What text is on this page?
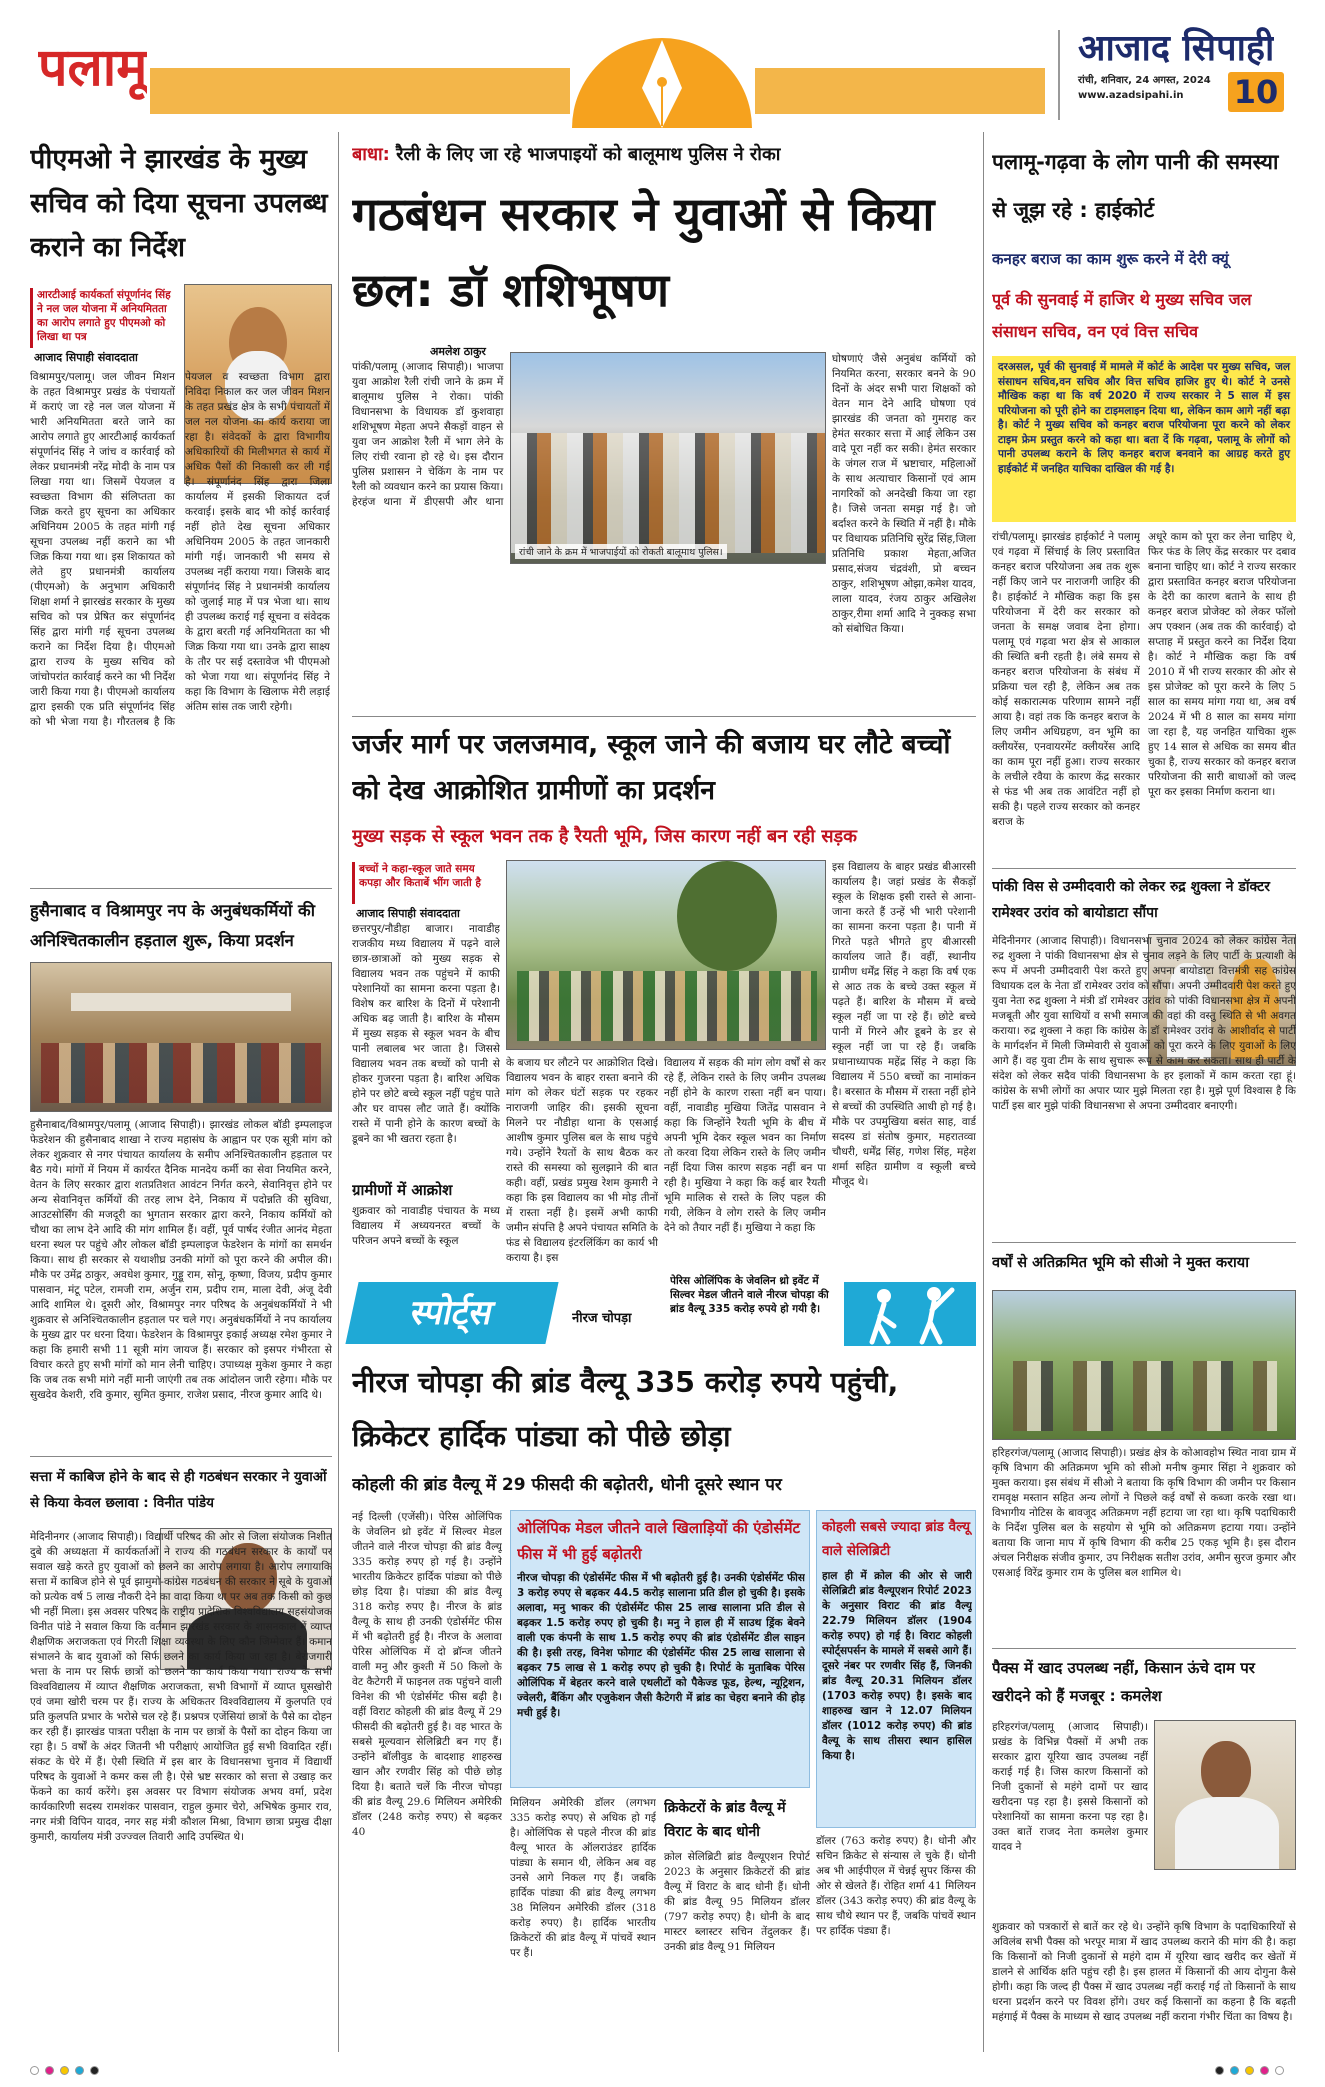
पलामू	आजाद सिपाही
रांची, शनिवार, 24 अगस्त, 2024
www.azadsipahi.in 10
पीएमओ ने झारखंड के मुख्य सचिव को दिया सूचना उपलब्ध कराने का निर्देश
आरटीआई कार्यकर्ता संपूर्णानंद सिंह ने नल जल योजना में अनियमितता का आरोप लगाते हुए पीएमओ को लिखा था पत्र
आजाद सिपाही संवाददाता
विश्रामपुर/पलामू। जल जीवन मिशन के तहत विश्रामपुर प्रखंड के पंचायतों में कराएं जा रहे नल जल योजना में भारी अनियमितता बरते जाने का आरोप लगाते हुए आरटीआई कार्यकर्ता संपूर्णानंद सिंह ने जांच व कार्रवाई को लेकर प्रधानमंत्री नरेंद्र मोदी के नाम पत्र लिखा गया था। जिसमें पेयजल व स्वच्छता विभाग की संलिप्तता का जिक्र करते हुए सूचना का अधिकार अधिनियम 2005 के तहत मांगी गई सूचना उपलब्ध नहीं कराने का भी जिक्र किया गया था। इस शिकायत को लेते हुए प्रधानमंत्री कार्यालय (पीएमओ) के अनुभाग अधिकारी शिक्षा शर्मा ने झारखंड सरकार के मुख्य सचिव को पत्र प्रेषित कर संपूर्णानंद सिंह द्वारा मांगी गई सूचना उपलब्ध कराने का निर्देश दिया है। पीएमओ द्वारा राज्य के मुख्य सचिव को जांचोपरांत कार्रवाई करने का भी निर्देश जारी किया गया है। पीएमओ कार्यालय द्वारा इसकी एक प्रति संपूर्णानंद सिंह को भी भेजा गया है। गौरतलब है कि पेयजल व स्वच्छता विभाग द्वारा निविदा निकाल कर जल जीवन मिशन के तहत प्रखंड क्षेत्र के सभी पंचायतों में जल नल योजना का कार्य कराया जा रहा है। संवेदकों के द्वारा विभागीय अधिकारियों की मिलीभगत से कार्य में अधिक पैसों की निकासी कर ली गई है। संपूर्णानंद सिंह द्वारा जिला कार्यालय में इसकी शिकायत दर्ज करवाई। इसके बाद भी कोई कार्रवाई नहीं होते देख सूचना अधिकार अधिनियम 2005 के तहत जानकारी मांगी गई। जानकारी भी समय से उपलब्ध नहीं कराया गया। जिसके बाद संपूर्णानंद सिंह ने प्रधानमंत्री कार्यालय को जुलाई माह में पत्र भेजा था। साथ ही उपलब्ध कराई गई सूचना व संवेदक के द्वारा बरती गई अनियमितता का भी जिक्र किया गया था। उनके द्वारा साक्ष्य के तौर पर सई दस्तावेज भी पीएमओ को भेजा गया था। संपूर्णानंद सिंह ने कहा कि विभाग के खिलाफ मेरी लड़ाई अंतिम सांस तक जारी रहेगी।
हुसैनाबाद व विश्रामपुर नप के अनुबंधकर्मियों की अनिश्चितकालीन हड़ताल शुरू, किया प्रदर्शन
हुसैनाबाद/विश्रामपुर/पलामू (आजाद सिपाही)। झारखंड लोकल बॉडी इम्पलाइज फेडरेशन की हुसैनाबाद शाखा ने राज्य महासंघ के आह्वान पर एक सूत्री मांग को लेकर शुक्रवार से नगर पंचायत कार्यालय के समीप अनिश्चितकालीन हड़ताल पर बैठ गये। मांगों में नियम में कार्यरत दैनिक मानदेय कर्मी का सेवा नियमित करने, वेतन के लिए सरकार द्वारा शतप्रतिशत आवंटन निर्गत करने, सेवानिवृत्त होने पर अन्य सेवानिवृत्त कर्मियों की तरह लाभ देने, निकाय में पदोन्नति की सुविधा, आउटसोर्सिंग की मजदूरी का भुगतान सरकार द्वारा करने, निकाय कर्मियों को चौथा का लाभ देने आदि की मांग शामिल हैं। वहीं, पूर्व पार्षद रंजीत आनंद मेहता धरना स्थल पर पहुंचे और लोकल बॉडी इम्पलाइज फेडरेशन के मांगों का समर्थन किया। साथ ही सरकार से यथाशीघ्र उनकी मांगों को पूरा करने की अपील की। मौके पर उमेंद्र ठाकुर, अवधेश कुमार, गुड्डू राम, सोनू, कृष्णा, विजय, प्रदीप कुमार पासवान, मंटू पटेल, रामजी राम, अर्जुन राम, प्रदीप राम, माला देवी, अंजू देवी आदि शामिल थे। दूसरी ओर, विश्रामपुर नगर परिषद के अनुबंधकर्मियों ने भी शुक्रवार से अनिश्चितकालीन हड़ताल पर चले गए। अनुबंधकर्मियों ने नप कार्यालय के मुख्य द्वार पर धरना दिया। फेडरेशन के विश्रामपुर इकाई अध्यक्ष रमेश कुमार ने कहा कि हमारी सभी 11 सूत्री मांग जायज हैं। सरकार को इसपर गंभीरता से विचार करते हुए सभी मांगों को मान लेनी चाहिए। उपाध्यक्ष मुकेश कुमार ने कहा कि जब तक सभी मांगे नहीं मानी जाएंगी तब तक आंदोलन जारी रहेगा। मौके पर सुखदेव केशरी, रवि कुमार, सुमित कुमार, राजेश प्रसाद, नीरज कुमार आदि थे।
सत्ता में काबिज होने के बाद से ही गठबंधन सरकार ने युवाओं से किया केवल छलावा : विनीत पांडेय
मेदिनीनगर (आजाद सिपाही)। विद्यार्थी परिषद की ओर से जिला संयोजक निशीत दुबे की अध्यक्षता में कार्यकर्ताओं ने राज्य की गठबंधन सरकार के कार्यों पर सवाल खड़े करते हुए युवाओं को छलने का आरोप लगाया है। आरोप लगायाकि सत्ता में काबिज होने से पूर्व झामुमो-कांग्रेस गठबंधन की सरकार ने सूबे के युवाओं को प्रत्येक वर्ष 5 लाख नौकरी देने का वादा किया था पर अब तक किसी को कुछ भी नहीं मिला। इस अवसर परिषद के राष्ट्रीय प्रादेशिक विश्वविद्यालय सहसंयोजक विनीत पांडे ने सवाल किया कि वर्तमान झारखंड सरकार के शासनकाल में व्याप्त शैक्षणिक अराजकता एवं गिरती शिक्षा व्यवस्था के लिए कौन जिम्मेवार हैं। कमान संभालने के बाद युवाओं को सिर्फ छलने का कार्य किया जा रहा है। बेरोजगारी भत्ता के नाम पर सिर्फ छात्रों को छलने का कार्य किया गया। राज्य के सभी विश्वविद्यालय में व्याप्त शैक्षणिक अराजकता, सभी विभागों में व्याप्त घूसखोरी एवं जमा खोरी चरम पर हैं। राज्य के अधिकतर विश्वविद्यालय में कुलपति एवं प्रति कुलपति प्रभार के भरोसे चल रहे हैं। प्रश्नपत्र एजेंसियां छात्रों के पैसे का दोहन कर रही हैं। झारखंड पात्रता परीक्षा के नाम पर छात्रों के पैसों का दोहन किया जा रहा है। 5 वर्षों के अंदर जितनी भी परीक्षाएं आयोजित हुई सभी विवादित रहीं। संकट के घेरे में हैं। ऐसी स्थिति में इस बार के विधानसभा चुनाव में विद्यार्थी परिषद के युवाओं ने कमर कस ली है। ऐसे भ्रष्ट सरकार को सत्ता से उखाड़ कर फेंकने का कार्य करेंगे। इस अवसर पर विभाग संयोजक अभय वर्मा, प्रदेश कार्यकारिणी सदस्य रामशंकर पासवान, राहुल कुमार चेरो, अभिषेक कुमार राव, नगर मंत्री विपिन यादव, नगर सह मंत्री कौशल मिश्रा, विभाग छात्रा प्रमुख दीक्षा कुमारी, कार्यालय मंत्री उज्ज्वल तिवारी आदि उपस्थित थे।
बाधा: रैली के लिए जा रहे भाजपाइयों को बालूमाथ पुलिस ने रोका
गठबंधन सरकार ने युवाओं से किया छल: डॉ शशिभूषण
अमलेश ठाकुर
पांकी/पलामू (आजाद सिपाही)। भाजपा युवा आक्रोश रैली रांची जाने के क्रम में बालूमाथ पुलिस ने रोका। पांकी विधानसभा के विधायक डॉ कुशवाहा शशिभूषण मेहता अपने सैकड़ों वाहन से युवा जन आक्रोश रैली में भाग लेने के लिए रांची रवाना हो रहे थे। इस दौरान पुलिस प्रशासन ने चेकिंग के नाम पर रैली को व्यवधान करने का प्रयास किया। हेरहंज थाना में डीएसपी और थाना
रांची जाने के क्रम में भाजपाईयों को रोकती बालूमाथ पुलिस।
घोषणाएं जैसे अनुबंध कर्मियों को नियमित करना, सरकार बनने के 90 दिनों के अंदर सभी पारा शिक्षकों को वेतन मान देने आदि घोषणा एवं झारखंड की जनता को गुमराह कर हेमंत सरकार सत्ता में आई लेकिन उस वादे पूरा नहीं कर सकी। हेमंत सरकार के जंगल राज में भ्रष्टाचार, महिलाओं के साथ अत्याचार किसानों एवं आम नागरिकों को अनदेखी किया जा रहा है। जिसे जनता समझ गई है। जो बर्दाश्त करने के स्थिति में नहीं है। मौके पर विधायक प्रतिनिधि सुरेंद्र सिंह,जिला प्रतिनिधि प्रकाश मेहता,अजित प्रसाद,संजय चंद्रवंशी, प्रो बच्चन ठाकुर, शशिभूषण ओझा,कमेश यादव, लाला यादव, रंजय ठाकुर अखिलेश ठाकुर,रीमा शर्मा आदि ने नुक्कड़ सभा को संबोधित किया।
जर्जर मार्ग पर जलजमाव, स्कूल जाने की बजाय घर लौटे बच्चों को देख आक्रोशित ग्रामीणों का प्रदर्शन
मुख्य सड़क से स्कूल भवन तक है रैयती भूमि, जिस कारण नहीं बन रही सड़क
बच्चों ने कहा-स्कूल जाते समय कपड़ा और किताबें भींग जाती है
आजाद सिपाही संवाददाता
छत्तरपुर/नौडीहा बाजार। नावाडीह राजकीय मध्य विद्यालय में पढ़ने वाले छात्र-छात्राओं को मुख्य सड़क से विद्यालय भवन तक पहुंचने में काफी परेशानियों का सामना करना पड़ता है। विशेष कर बारिश के दिनों में परेशानी अधिक बढ़ जाती है। बारिश के मौसम में मुख्य सड़क से स्कूल भवन के बीच पानी लबालब भर जाता है। जिससे विद्यालय भवन तक बच्चों को पानी से होकर गुजरना पड़ता है। बारिश अधिक होने पर छोटे बच्चे स्कूल नहीं पहुंच पाते और घर वापस लौट जाते हैं। क्योंकि रास्ते में पानी होने के कारण बच्चों के डूबने का भी खतरा रहता है।
ग्रामीणों में आक्रोश
शुक्रवार को नावाडीह पंचायत के मध्य विद्यालय में अध्ययनरत बच्चों के परिजन अपने बच्चों के स्कूल
के बजाय घर लौटने पर आक्रोशित दिखे। विद्यालय भवन के बाहर रास्ता बनाने की मांग को लेकर घंटों सड़क पर रहकर नाराजगी जाहिर की। इसकी सूचना मिलने पर नौडीहा थाना के एसआई आशीष कुमार पुलिस बल के साथ पहुंचे गये। उन्होंने रैयतों के साथ बैठक कर रास्ते की समस्या को सुलझाने की बात कही। वहीं, प्रखंड प्रमुख रेशम कुमारी ने कहा कि इस विद्यालय का भी मोड़ तीनों में रास्ता नहीं है। इसमें अभी काफी जमीन संपत्ति है अपने पंचायत समिति के फंड से विद्यालय इंटरलिंकिंग का कार्य भी कराया है। इस
विद्यालय में सड़क की मांग लोग वर्षों से कर रहे हैं, लेकिन रास्ते के लिए जमीन उपलब्ध नहीं होने के कारण रास्ता नहीं बन पाया। वहीं, नावाडीह मुखिया जितेंद्र पासवान ने कहा कि जिन्होंने रैयती भूमि के बीच में अपनी भूमि देकर स्कूल भवन का निर्माण तो करवा दिया लेकिन रास्ते के लिए जमीन नहीं दिया जिस कारण सड़क नहीं बन पा रही है। मुखिया ने कहा कि कई बार रैयती भूमि मालिक से रास्ते के लिए पहल की गयी, लेकिन वे लोग रास्ते के लिए जमीन देने को तैयार नहीं हैं। मुखिया ने कहा कि
इस विद्यालय के बाहर प्रखंड बीआरसी कार्यालय है। जहां प्रखंड के सैकड़ों स्कूल के शिक्षक इसी रास्ते से आना-जाना करते हैं उन्हें भी भारी परेशानी का सामना करना पड़ता है। पानी में गिरते पड़ते भीगते हुए बीआरसी कार्यालय जाते हैं। वहीं, स्थानीय ग्रामीण धर्मेंद्र सिंह ने कहा कि वर्ष एक से आठ तक के बच्चे उक्त स्कूल में पढ़ते हैं। बारिश के मौसम में बच्चे स्कूल नहीं जा पा रहे हैं। छोटे बच्चे पानी में गिरने और डूबने के डर से स्कूल नहीं जा पा रहे हैं। जबकि प्रधानाध्यापक महेंद्र सिंह ने कहा कि विद्यालय में 550 बच्चों का नामांकन है। बरसात के मौसम में रास्ता नहीं होने से बच्चों की उपस्थिति आधी हो गई है। मौके पर उपमुखिया बसंत साह, वार्ड सदस्य डां संतोष कुमार, महरातव्वा चौधरी, धर्मेंद्र सिंह, गणेश सिंह, महेश शर्मा सहित ग्रामीण व स्कूली बच्चे मौजूद थे।
स्पोर्ट्स	नीरज चोपड़ा
पेरिस ओलिंपिक के जेवलिन थ्रो इवेंट में सिल्वर मेडल जीतने वाले नीरज चोपड़ा की ब्रांड वैल्यू 335 करोड़ रुपये हो गयी है।
नीरज चोपड़ा की ब्रांड वैल्यू 335 करोड़ रुपये पहुंची, क्रिकेटर हार्दिक पांड्या को पीछे छोड़ा
कोहली की ब्रांड वैल्यू में 29 फीसदी की बढ़ोतरी, धोनी दूसरे स्थान पर
नई दिल्ली (एजेंसी)। पेरिस ओलिंपिक के जेवलिन थ्रो इवेंट में सिल्वर मेडल जीतने वाले नीरज चोपड़ा की ब्रांड वैल्यू 335 करोड़ रुपए हो गई है। उन्होंने भारतीय क्रिकेटर हार्दिक पांड्या को पीछे छोड़ दिया है। पांड्या की ब्रांड वैल्यू 318 करोड़ रुपए है। नीरज के ब्रांड वैल्यू के साथ ही उनकी एंडोर्समेंट फीस में भी बढ़ोतरी हुई है। नीरज के अलावा पेरिस ओलिंपिक में दो ब्रॉन्ज जीतने वाली मनु और कुश्ती में 50 किलो के वेट कैटेगरी में फाइनल तक पहुंचने वाली विनेश की भी एंडोर्समेंट फीस बढ़ी है। वहीं विराट कोहली की ब्रांड वैल्यू में 29 फीसदी की बढ़ोतरी हुई है। वह भारत के सबसे मूल्यवान सेलिब्रिटी बन गए हैं। उन्होंने बॉलीवुड के बादशाह शाहरुख खान और रणवीर सिंह को पीछे छोड़ दिया है। बताते चलें कि नीरज चोपड़ा की ब्रांड वैल्यू 29.6 मिलियन अमेरिकी डॉलर (248 करोड़ रुपए) से बढ़कर 40
ओलिंपिक मेडल जीतने वाले खिलाड़ियों की एंडोर्समेंट फीस में भी हुई बढ़ोतरी
नीरज चोपड़ा की एंडोर्समेंट फीस में भी बढ़ोतरी हुई है। उनकी एंडोर्समेंट फीस 3 करोड़ रुपए से बढ़कर 44.5 करोड़ सालाना प्रति डील हो चुकी है। इसके अलावा, मनु भाकर की एंडोर्समेंट फीस 25 लाख सालाना प्रति डील से बढ़कर 1.5 करोड़ रुपए हो चुकी है। मनु ने हाल ही में साउथ ड्रिंक बेवने वाली एक कंपनी के साथ 1.5 करोड़ रुपए की ब्रांड एंडोर्समेंट डील साइन की है। इसी तरह, विनेश फोगाट की एंडोर्समेंट फीस 25 लाख सालाना से बढ़कर 75 लाख से 1 करोड़ रुपए हो चुकी है। रिपोर्ट के मुताबिक पेरिस ओलिंपिक में बेहतर करने वाले एथलीटों को पैकेज्ड फूड, हेल्थ, न्यूट्रिशन, ज्वेलरी, बैंकिंग और एजुकेशन जैसी कैटेगरी में ब्रांड का चेहरा बनाने की होड़ मची हुई है।
मिलियन अमेरिकी डॉलर (लगभग 335 करोड़ रुपए) से अधिक हो गई है। ओलिंपिक से पहले नीरज की ब्रांड वैल्यू भारत के ऑलराउंडर हार्दिक पांड्या के समान थी, लेकिन अब वह उनसे आगे निकल गए हैं। जबकि हार्दिक पांड्या की ब्रांड वैल्यू लगभग 38 मिलियन अमेरिकी डॉलर (318 करोड़ रुपए) है। हार्दिक भारतीय क्रिकेटरों की ब्रांड वैल्यू में पांचवें स्थान पर हैं।
क्रिकेटरों के ब्रांड वैल्यू में विराट के बाद धोनी
क्रोल सेलिब्रिटी ब्रांड वैल्यूएशन रिपोर्ट 2023 के अनुसार क्रिकेटरों की ब्रांड वैल्यू में विराट के बाद धोनी हैं। धोनी की ब्रांड वैल्यू 95 मिलियन डॉलर (797 करोड़ रुपए) है। धोनी के बाद मास्टर ब्लास्टर सचिन तेंदुलकर हैं। उनकी ब्रांड वैल्यू 91 मिलियन
कोहली सबसे ज्यादा ब्रांड वैल्यू वाले सेलिब्रिटी
हाल ही में क्रोल की ओर से जारी सेलिब्रिटी ब्रांड वैल्यूएशन रिपोर्ट 2023 के अनुसार विराट की ब्रांड वैल्यू 22.79 मिलियन डॉलर (1904 करोड़ रुपए) हो गई है। विराट कोहली स्पोर्ट्सपर्सन के मामले में सबसे आगे हैं। दूसरे नंबर पर रणवीर सिंह हैं, जिनकी ब्रांड वैल्यू 20.31 मिलियन डॉलर (1703 करोड़ रुपए) है। इसके बाद शाहरुख खान ने 12.07 मिलियन डॉलर (1012 करोड़ रुपए) की ब्रांड वैल्यू के साथ तीसरा स्थान हासिल किया है।
डॉलर (763 करोड़ रुपए) है। धोनी और सचिन क्रिकेट से संन्यास ले चुके हैं। धोनी अब भी आईपीएल में चेन्नई सुपर किंग्स की ओर से खेलते हैं। रोहित शर्मा 41 मिलियन डॉलर (343 करोड़ रुपए) की ब्रांड वैल्यू के साथ चौथे स्थान पर हैं, जबकि पांचवें स्थान पर हार्दिक पंड्या हैं।
पलामू-गढ़वा के लोग पानी की समस्या से जूझ रहे : हाईकोर्ट
कनहर बराज का काम शुरू करने में देरी क्यूं
पूर्व की सुनवाई में हाजिर थे मुख्य सचिव जल संसाधन सचिव, वन एवं वित्त सचिव
दरअसल, पूर्व की सुनवाई में मामले में कोर्ट के आदेश पर मुख्य सचिव, जल संसाधन सचिव,वन सचिव और वित्त सचिव हाजिर हुए थे। कोर्ट ने उनसे मौखिक कहा था कि वर्ष 2020 में राज्य सरकार ने 5 साल में इस परियोजना को पूरी होने का टाइमलाइन दिया था, लेकिन काम आगे नहीं बढ़ा है। कोर्ट ने मुख्य सचिव को कनहर बराज परियोजना पूरा करने को लेकर टाइम फ्रेम प्रस्तुत करने को कहा था। बता दें कि गढ़वा, पलामू के लोगों को पानी उपलब्ध कराने के लिए कनहर बराज बनवाने का आग्रह करते हुए हाईकोर्ट में जनहित याचिका दाखिल की गई है।
रांची/पलामू। झारखंड हाईकोर्ट ने पलामू एवं गढ़वा में सिंचाई के लिए प्रस्तावित कनहर बराज परियोजना अब तक शुरू नहीं किए जाने पर नाराजगी जाहिर की है। हाईकोर्ट ने मौखिक कहा कि इस परियोजना में देरी कर सरकार को जनता के समक्ष जवाब देना होगा। पलामू एवं गढ़वा भरा क्षेत्र से आकाल की स्थिति बनी रहती है। लंबे समय से कनहर बराज परियोजना के संबंध में प्रक्रिया चल रही है, लेकिन अब तक कोई सकारात्मक परिणाम सामने नहीं आया है। वहां तक कि कनहर बराज के लिए जमीन अधिग्रहण, वन भूमि का क्लीयरेंस, एनवायरमेंट क्लीयरेंस आदि का काम पूरा नहीं हुआ। राज्य सरकार के लचीले रवैया के कारण केंद्र सरकार से फंड भी अब तक आवंटित नहीं हो सकी है। पहले राज्य सरकार को कनहर बराज के
अधूरे काम को पूरा कर लेना चाहिए थे, फिर फंड के लिए केंद्र सरकार पर दबाव बनाना चाहिए था। कोर्ट ने राज्य सरकार द्वारा प्रस्तावित कनहर बराज परियोजना के देरी का कारण बताने के साथ ही कनहर बराज प्रोजेक्ट को लेकर फॉलो अप एक्शन (अब तक की कार्रवाई) दो सप्ताह में प्रस्तुत करने का निर्देश दिया है। कोर्ट ने मौखिक कहा कि वर्ष 2010 में भी राज्य सरकार की ओर से इस प्रोजेक्ट को पूरा करने के लिए 5 साल का समय मांगा गया था, अब वर्ष 2024 में भी 8 साल का समय मांगा जा रहा है, यह जनहित याचिका शुरू हुए 14 साल से अधिक का समय बीत चुका है, राज्य सरकार को कनहर बराज परियोजना की सारी बाधाओं को जल्द पूरा कर इसका निर्माण कराना था।
पांकी विस से उम्मीदवारी को लेकर रुद्र शुक्ला ने डॉक्टर रामेश्वर उरांव को बायोडाटा सौंपा
मेदिनीनगर (आजाद सिपाही)। विधानसभा चुनाव 2024 को लेकर कांग्रेस नेता रुद्र शुक्ला ने पांकी विधानसभा क्षेत्र से चुनाव लड़ने के लिए पार्टी के प्रत्याशी के रूप में अपनी उम्मीदवारी पेश करते हुए अपना बायोडाटा वित्तमंत्री सह कांग्रेस विधायक दल के नेता डॉ रामेश्वर उरांव को सौंपा। अपनी उम्मीदवारी पेश करते हुए युवा नेता रुद्र शुक्ला ने मंत्री डॉ रामेश्वर उरांव को पांकी विधानसभा क्षेत्र में अपनी मजबूती और युवा साथियों व सभी समाज की वहां की वस्तु स्थिति से भी अवगत कराया। रुद्र शुक्ला ने कहा कि कांग्रेस के डॉ रामेश्वर उरांव के आशीर्वाद से पार्टी के मार्गदर्शन में मिली जिम्मेवारी से युवाओं को पूरा करने के लिए युवाओं के लिए आगे हैं। वह युवा टीम के साथ सुचारू रूप से काम कर सकता। साथ ही पार्टी के संदेश को लेकर सदैव पांकी विधानसभा के हर इलाकों में काम करता रहा हूं। कांग्रेस के सभी लोगों का अपार प्यार मुझे मिलता रहा है। मुझे पूर्ण विश्वास है कि पार्टी इस बार मुझे पांकी विधानसभा से अपना उम्मीदवार बनाएगी।
वर्षों से अतिक्रमित भूमि को सीओ ने मुक्त कराया
हरिहरगंज/पलामू (आजाद सिपाही)। प्रखंड क्षेत्र के कोआवहोभ स्थित नावा ग्राम में कृषि विभाग की अतिक्रमण भूमि को सीओ मनीष कुमार सिंहा ने शुक्रवार को मुक्त कराया। इस संबंध में सीओ ने बताया कि कृषि विभाग की जमीन पर किसान रामवृक्ष मस्तान सहित अन्य लोगों ने पिछले कई वर्षों से कब्जा करके रखा था। विभागीय नोटिस के बावजूद अतिक्रमण नहीं हटाया जा रहा था। कृषि पदाधिकारी के निर्देश पुलिस बल के सहयोग से भूमि को अतिक्रमण हटाया गया। उन्होंने बताया कि जाना माप में कृषि विभाग की करीब 25 एकड़ भूमि है। इस दौरान अंचल निरीक्षक संजीव कुमार, उप निरीक्षक सतीश उरांव, अमीन सुरज कुमार और एसआई विरेंद्र कुमार राम के पुलिस बल शामिल थे।
पैक्स में खाद उपलब्ध नहीं, किसान ऊंचे दाम पर खरीदने को हैं मजबूर : कमलेश
हरिहरगंज/पलामू (आजाद सिपाही)। प्रखंड के विभिन्न पैक्सों में अभी तक सरकार द्वारा यूरिया खाद उपलब्ध नहीं कराई गई है। जिस कारण किसानों को निजी दुकानों से महंगे दामों पर खाद खरीदना पड़ रहा है। इससे किसानों को परेशानियों का सामना करना पड़ रहा है। उक्त बातें राजद नेता कमलेश कुमार यादव ने
शुक्रवार को पत्रकारों से बातें कर रहे थे। उन्होंने कृषि विभाग के पदाधिकारियों से अविलंब सभी पैक्स को भरपूर मात्रा में खाद उपलब्ध कराने की मांग की है। कहा कि किसानों को निजी दुकानों से महंगे दाम में यूरिया खाद खरीद कर खेतों में डालने से आर्थिक क्षति पहुंच रही है। इस हालत में किसानों की आय दोगुना कैसे होगी। कहा कि जल्द ही पैक्स में खाद उपलब्ध नहीं कराई गई तो किसानों के साथ धरना प्रदर्शन करने पर विवश होंगे। उधर कई किसानों का कहना है कि बढ़ती महंगाई में पैक्स के माध्यम से खाद उपलब्ध नहीं कराना गंभीर चिंता का विषय है।
